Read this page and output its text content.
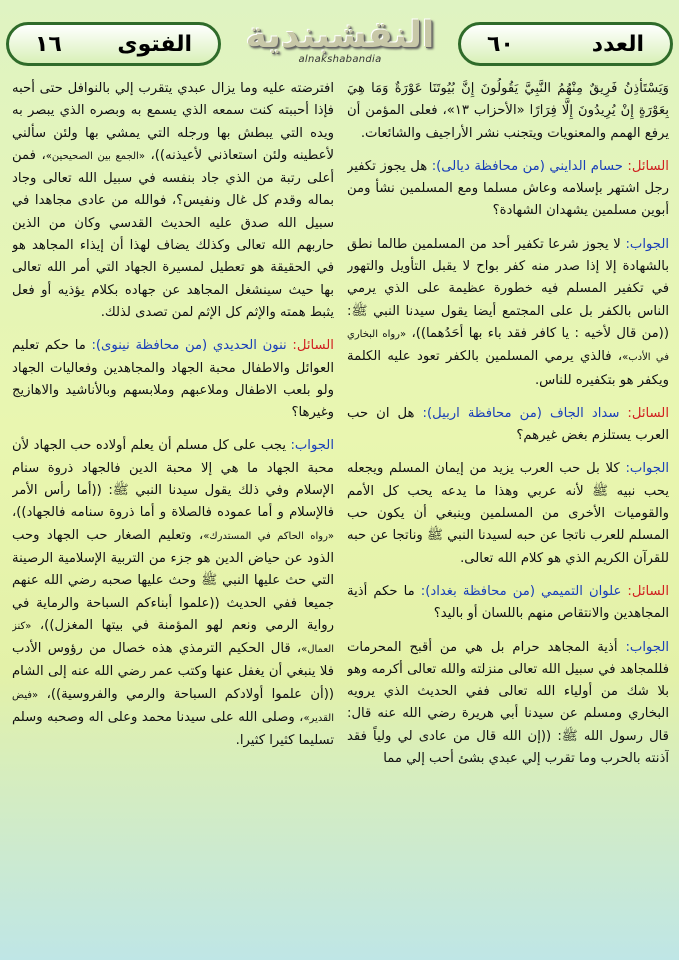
العدد
٦٠
النقشبندية
alnakshabandia
الفتوى
١٦

وَيَسْتَأْذِنُ فَرِيقٌ مِنْهُمُ النَّبِيَّ يَقُولُونَ إِنَّ بُيُوتَنَا عَوْرَةٌ وَمَا هِيَ بِعَوْرَةٍ إِنْ يُرِيدُونَ إِلَّا فِرَارًا «الأحزاب ١٣»، فعلى المؤمن أن يرفع الهمم والمعنويات ويتجنب نشر الأراجيف والشائعات.

السائل: حسام الدايني (من محافظة ديالى): هل يجوز تكفير رجل اشتهر بإسلامه وعاش مسلما ومع المسلمين نشأ ومن أبوين مسلمين يشهدان الشهادة؟

الجواب: لا يجوز شرعا تكفير أحد من المسلمين طالما نطق بالشهادة إلا إذا صدر منه كفر بواح لا يقبل التأويل والتهور في تكفير المسلم فيه خطورة عظيمة على الذي يرمي الناس بالكفر بل على المجتمع أيضا يقول سيدنا النبي ﷺ: ((من قال لأخيه : يا كافر فقد باء بها أحَدُهما))، «رواه البخاري في الأدب»، فالذي يرمي المسلمين بالكفر تعود عليه الكلمة ويكفر هو بتكفيره للناس.

السائل: سداد الجاف (من محافظة اربيل): هل ان حب العرب يستلزم بغض غيرهم؟

الجواب: كلا بل حب العرب يزيد من إيمان المسلم ويجعله يحب نبيه ﷺ لأنه عربي وهذا ما يدعه يحب كل الأمم والقوميات الأخرى من المسلمين وينبغي أن يكون حب المسلم للعرب ناتجا عن حبه لسيدنا النبي ﷺ وناتجا عن حبه للقرآن الكريم الذي هو كلام الله تعالى.

السائل: علوان التميمي (من محافظة بغداد): ما حكم أذية المجاهدين والانتقاص منهم باللسان أو باليد؟

الجواب: أذية المجاهد حرام بل هي من أقبح المحرمات فللمجاهد في سبيل الله تعالى منزلته والله تعالى أكرمه وهو بلا شك من أولياء الله تعالى ففي الحديث الذي يرويه البخاري ومسلم عن سيدنا أبي هريرة رضي الله عنه قال: قال رسول الله ﷺ: ((إن الله قال من عادى لي ولياً فقد آذنته بالحرب وما تقرب إلي عبدي بشئ أحب إلي مما

افترضته عليه وما يزال عبدي يتقرب إلي بالنوافل حتى أحبه فإذا أحببته كنت سمعه الذي يسمع به وبصره الذي يبصر به ويده التي يبطش بها ورجله التي يمشي بها ولئن سألني لأعطينه ولئن استعاذني لأعيذنه))، «الجمع بين الصحيحين»، فمن أعلى رتبة من الذي جاد بنفسه في سبيل الله تعالى وجاد بماله وقدم كل غال ونفيس؟، فوالله من عادى مجاهدا في سبيل الله صدق عليه الحديث القدسي وكان من الذين حاربهم الله تعالى وكذلك يضاف لهذا أن إيذاء المجاهد هو في الحقيقة هو تعطيل لمسيرة الجهاد التي أمر الله تعالى بها حيث سينشغل المجاهد عن جهاده بكلام يؤذيه أو فعل يثبط همته والإثم كل الإثم لمن تصدى لذلك.

السائل: ننون الحديدي (من محافظة نينوى): ما حكم تعليم العوائل والاطفال محبة الجهاد والمجاهدين وفعاليات الجهاد ولو بلعب الاطفال وملاعبهم وملابسهم وبالأناشيد والاهازيج وغيرها؟

الجواب: يجب على كل مسلم أن يعلم أولاده حب الجهاد لأن محبة الجهاد ما هي إلا محبة الدين فالجهاد ذروة سنام الإسلام وفي ذلك يقول سيدنا النبي ﷺ: ((أما رأس الأمر فالإسلام و أما عموده فالصلاة و أما ذروة سنامه فالجهاد))، «رواه الحاكم في المستدرك»، وتعليم الصغار حب الجهاد وحب الذود عن حياض الدين هو جزء من التربية الإسلامية الرصينة التي حث عليها النبي ﷺ وحث عليها صحبه رضي الله عنهم جميعا ففي الحديث ((علموا أبناءكم السباحة والرماية في رواية الرمي ونعم لهو المؤمنة في بيتها المغزل))، «كنز العمال»، قال الحكيم الترمذي هذه خصال من رؤوس الأدب فلا ينبغي أن يغفل عنها وكتب عمر رضي الله عنه إلى الشام ((أن علموا أولادكم السباحة والرمي والفروسية))، «فيض القدير»، وصلى الله على سيدنا محمد وعلى اله وصحبه وسلم تسليما كثيرا كثيرا.
